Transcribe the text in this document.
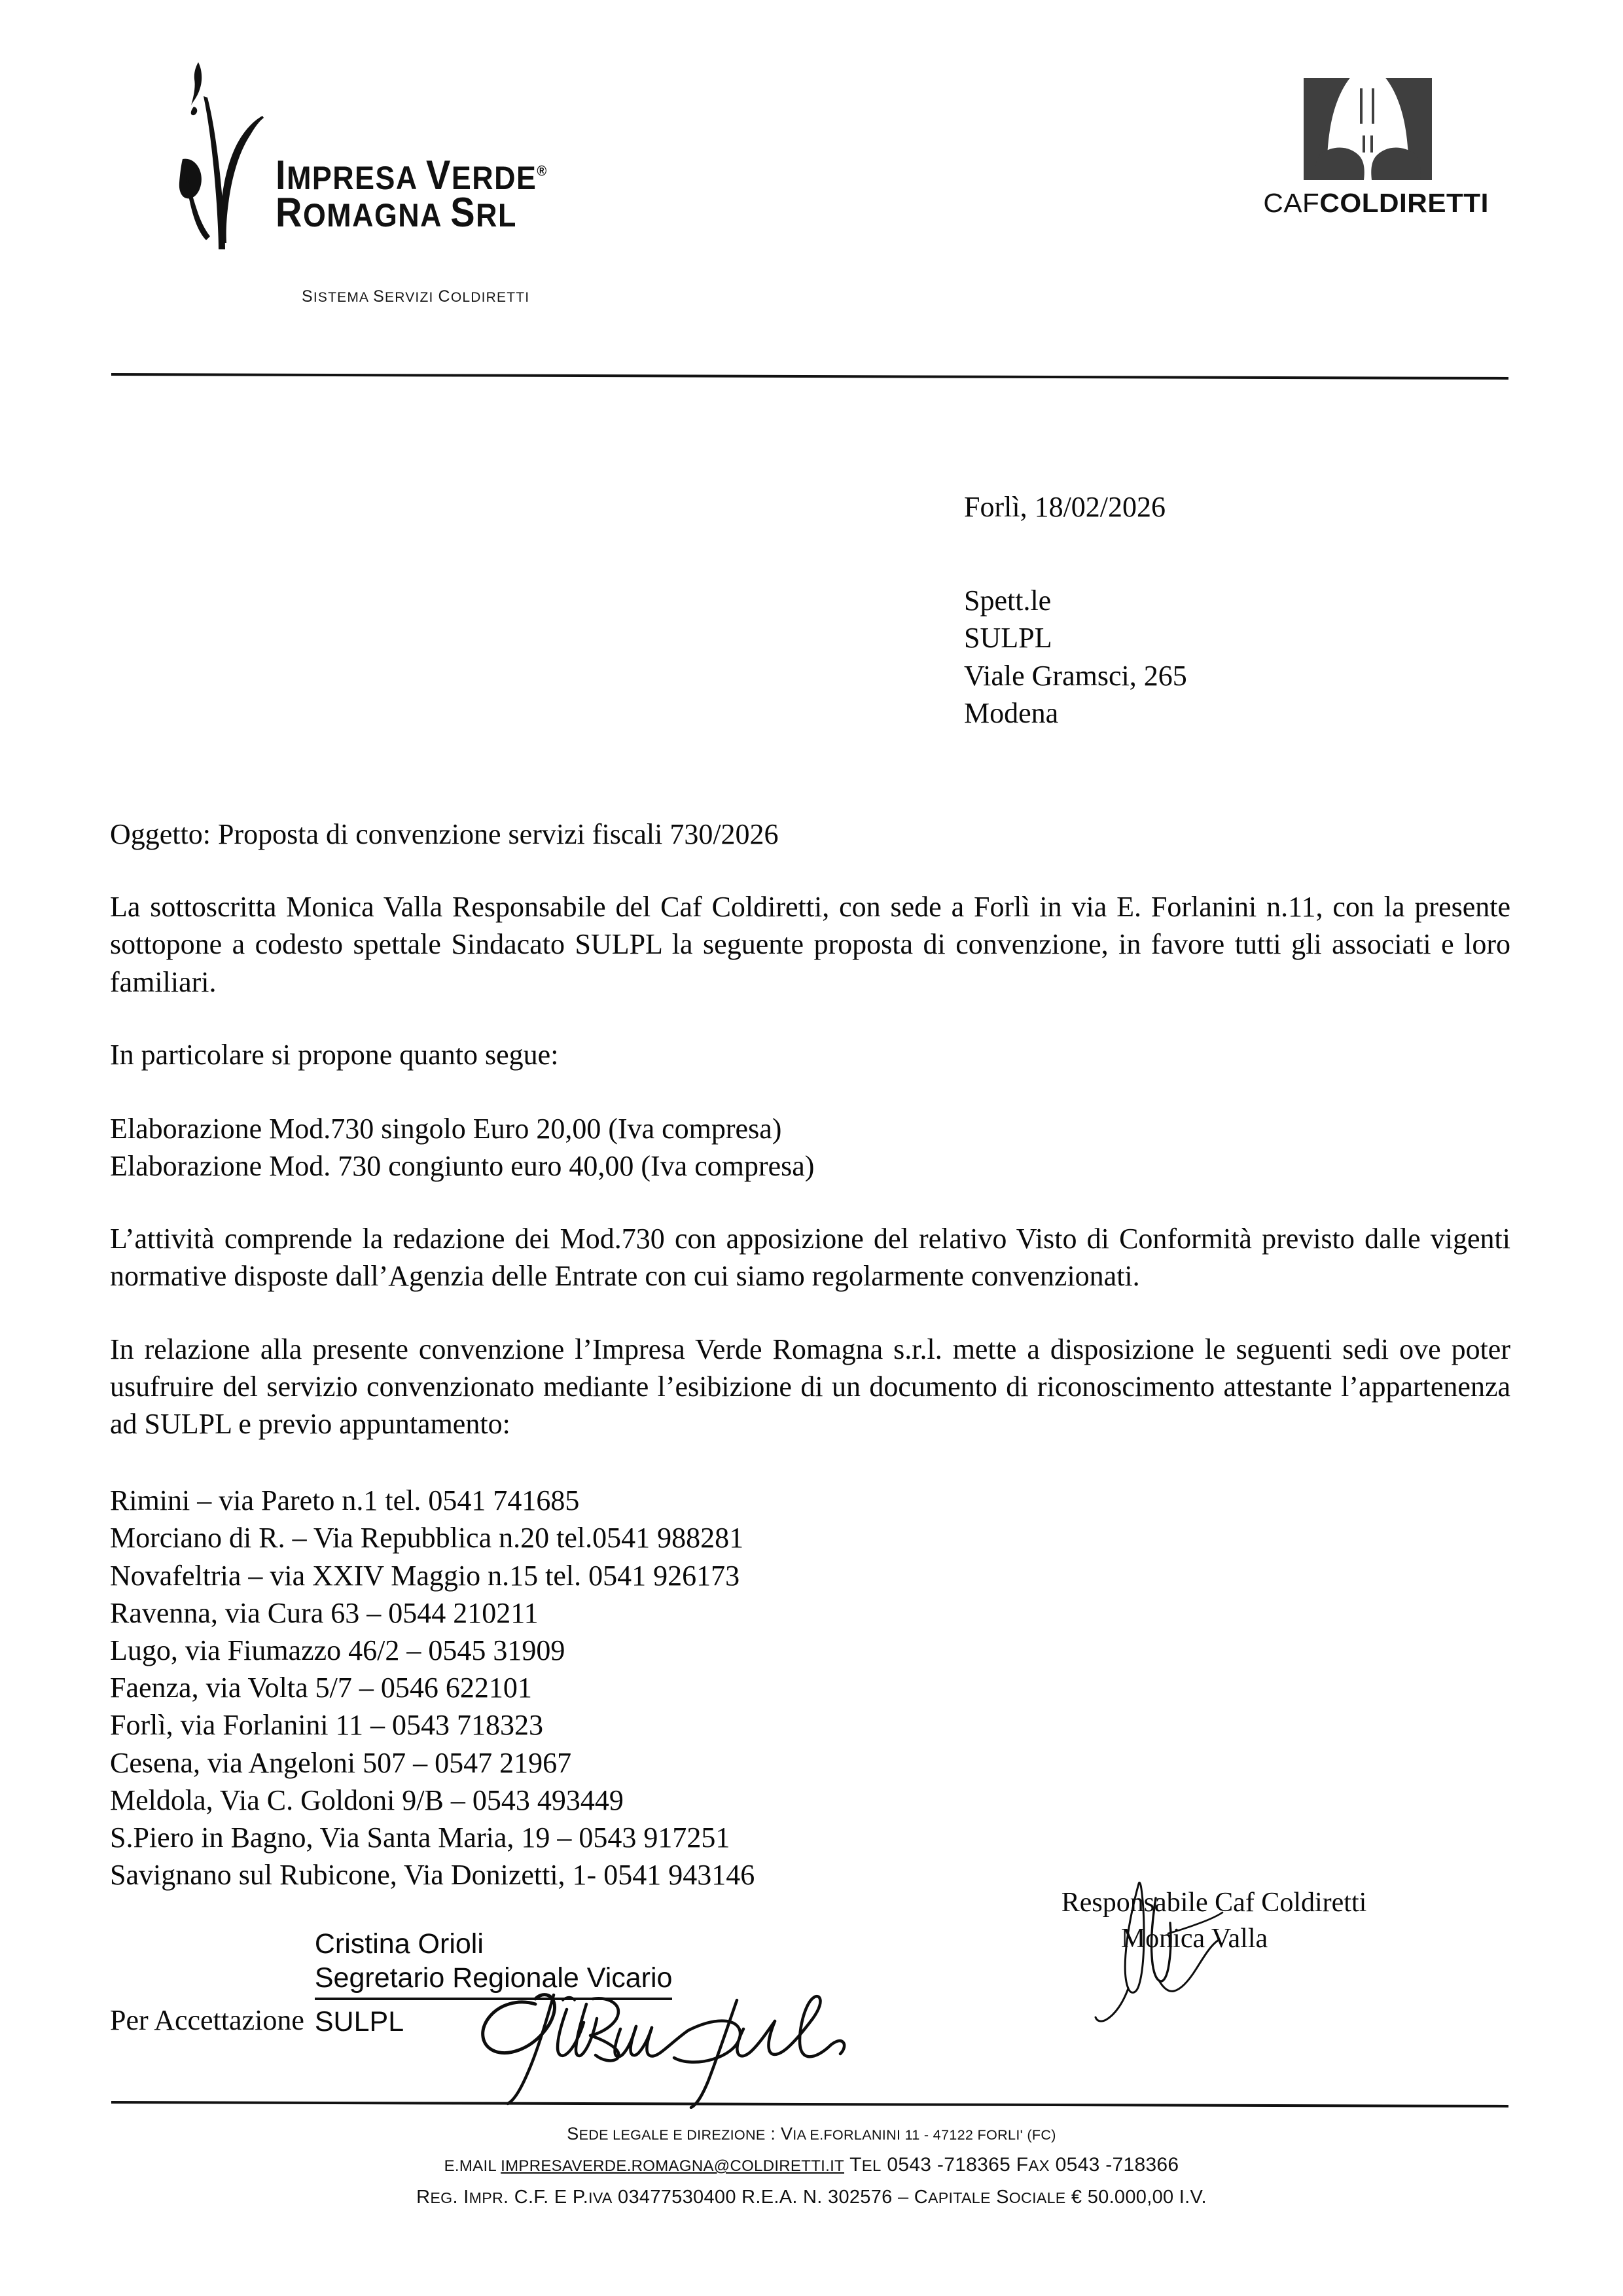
IMPRESA VERDE®
ROMAGNA SRL
SISTEMA SERVIZI COLDIRETTI
CAFCOLDIRETTI
Forlì, 18/02/2026
Spett.le
SULPL
Viale Gramsci, 265
Modena
Oggetto: Proposta di convenzione servizi fiscali 730/2026
La sottoscritta Monica Valla Responsabile del Caf Coldiretti, con sede a Forlì in via E. Forlanini n.11, con la presente sottopone a codesto spettale Sindacato SULPL la seguente proposta di convenzione, in favore tutti gli associati e loro familiari.
In particolare si propone quanto segue:
Elaborazione Mod.730 singolo Euro 20,00 (Iva compresa)
Elaborazione Mod. 730 congiunto euro 40,00 (Iva compresa)
L’attività comprende la redazione dei Mod.730 con apposizione del relativo Visto di Conformità previsto dalle vigenti normative disposte dall’Agenzia delle Entrate con cui siamo regolarmente convenzionati.
In relazione alla presente convenzione l’Impresa Verde Romagna s.r.l. mette a disposizione le seguenti sedi ove poter usufruire del servizio convenzionato mediante l’esibizione di un documento di riconoscimento attestante l’appartenenza ad SULPL e previo appuntamento:
Rimini – via Pareto n.1 tel. 0541 741685
Morciano di R. – Via Repubblica n.20 tel.0541 988281
Novafeltria – via XXIV Maggio n.15 tel. 0541 926173
Ravenna, via Cura 63 – 0544 210211
Lugo, via Fiumazzo 46/2 – 0545 31909
Faenza, via Volta 5/7 – 0546 622101
Forlì, via Forlanini 11 – 0543 718323
Cesena, via Angeloni 507 – 0547 21967
Meldola, Via C. Goldoni 9/B – 0543 493449
S.Piero in Bagno, Via Santa Maria, 19 – 0543 917251
Savignano sul Rubicone, Via Donizetti, 1- 0541 943146
Responsabile Caf Coldiretti
Monica Valla
Per Accettazione
Cristina Orioli
Segretario Regionale Vicario
SULPL
SEDE LEGALE E DIREZIONE : VIA E.FORLANINI 11 - 47122 FORLI' (FC)
E.MAIL IMPRESAVERDE.ROMAGNA@COLDIRETTI.IT TEL 0543 -718365 FAX 0543 -718366
REG. IMPR. C.F. E P.IVA 03477530400 R.E.A. N. 302576 – CAPITALE SOCIALE € 50.000,00 I.V.
